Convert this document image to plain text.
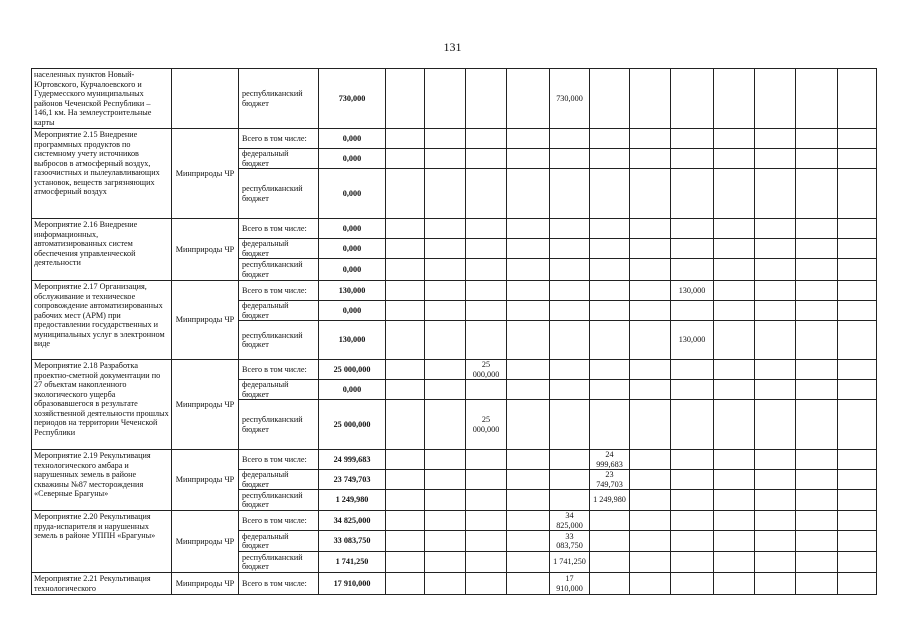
131
населенных пунктов Новый-Юртовского, Курчалоевского и Гудермесского муниципальных районов Чеченской Республики – 146,1 км. На землеустроительные карты		республиканский бюджет	730,000					730,000							
Мероприятие 2.15 Внедрение программных продуктов по системному учету источников выбросов в атмосферный воздух, газоочистных и пылеулавливающих установок, веществ загрязняющих атмосферный воздух	Минприроды ЧР	Всего в том числе:	0,000												
		федеральный бюджет	0,000												
		республиканский бюджет	0,000												
Мероприятие 2.16 Внедрение информационных, автоматизированных систем обеспечения управленческой деятельности	Минприроды ЧР	Всего в том числе:	0,000												
		федеральный бюджет	0,000												
		республиканский бюджет	0,000												
Мероприятие 2.17 Организация, обслуживание и техническое сопровождение автоматизированных рабочих мест (АРМ) при предоставлении государственных и муниципальных услуг в электронном виде	Минприроды ЧР	Всего в том числе:	130,000								130,000				
		федеральный бюджет	0,000												
		республиканский бюджет	130,000								130,000				
Мероприятие 2.18 Разработка проектно-сметной документации по 27 объектам накопленного экологического ущерба образовавшегося в результате хозяйственной деятельности прошлых периодов на территории Чеченской Республики	Минприроды ЧР	Всего в том числе:	25 000,000			25 000,000									
		федеральный бюджет	0,000												
		республиканский бюджет	25 000,000			25 000,000									
Мероприятие 2.19 Рекультивация технологического амбара и нарушенных земель в районе скважины №87 месторождения «Северные Брагуны»	Минприроды ЧР	Всего в том числе:	24 999,683						24 999,683						
		федеральный бюджет	23 749,703						23 749,703						
		республиканский бюджет	1 249,980						1 249,980						
Мероприятие 2.20 Рекультивация пруда-испарителя и нарушенных земель в районе УППН «Брагуны»	Минприроды ЧР	Всего в том числе:	34 825,000					34 825,000							
		федеральный бюджет	33 083,750					33 083,750							
		республиканский бюджет	1 741,250					1 741,250							
Мероприятие 2.21 Рекультивация технологического	Минприроды ЧР	Всего в том числе:	17 910,000					17 910,000							
